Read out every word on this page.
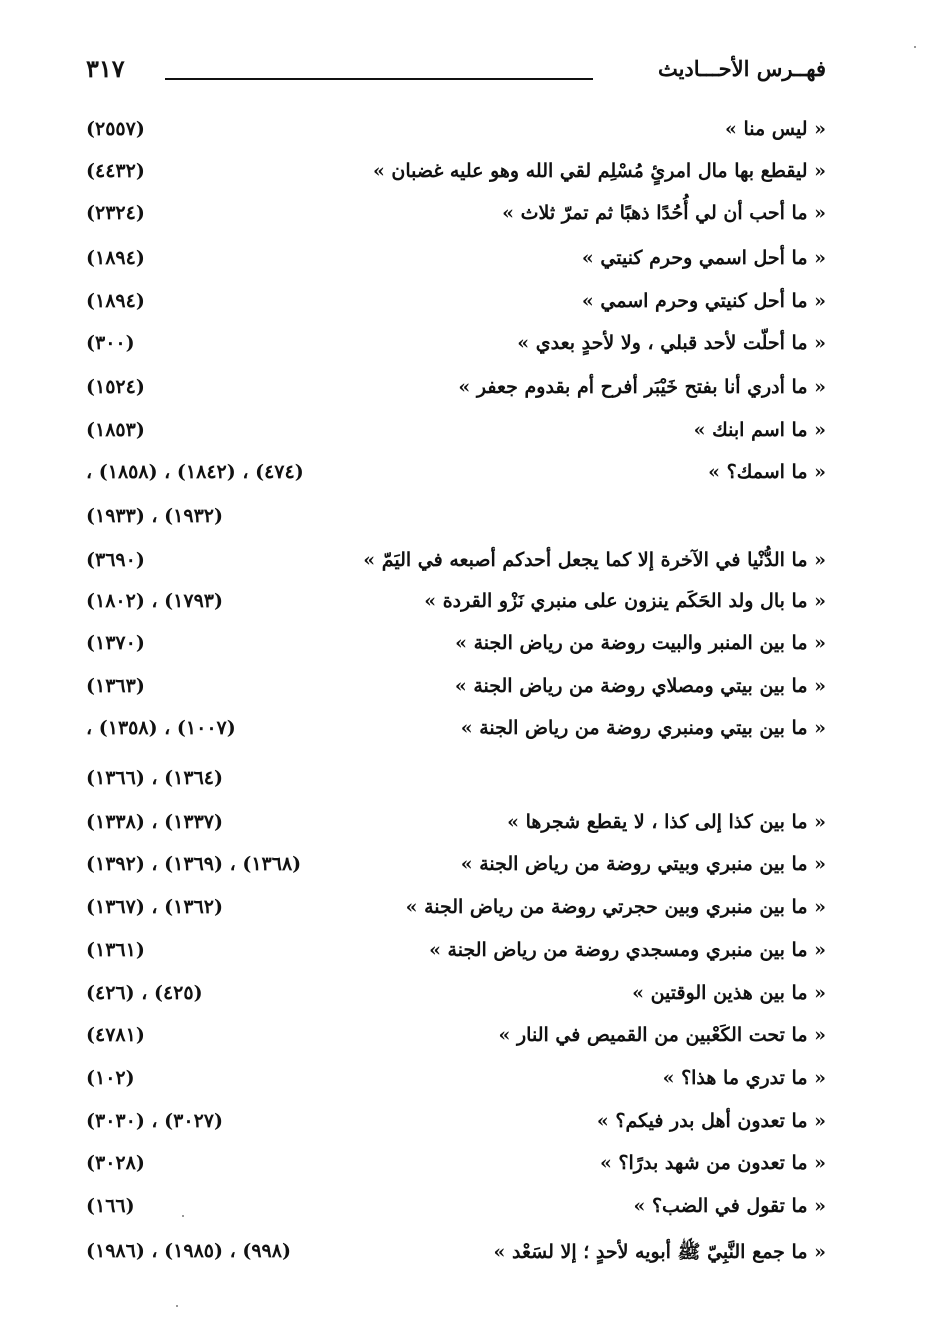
٣١٧	فهــرس الأحـــاديث
« ليس منا »
(٢٥٥٧)
« ليقطع بها مال امرئٍ مُسْلِم لقي الله وهو عليه غضبان »
(٤٤٣٢)
« ما أحب أن لي أُحُدًا ذهبًا ثم تمرّ ثلاث »
(٢٣٢٤)
« ما أحل اسمي وحرم كنيتي »
(١٨٩٤)
« ما أحل كنيتي وحرم اسمي »
(١٨٩٤)
« ما أحلّت لأحد قبلي ، ولا لأحدٍ بعدي »
(٣٠٠)
« ما أدري أنا بفتح خَيْبَر أفرح أم بقدوم جعفر »
(١٥٢٤)
« ما اسم ابنك »
(١٨٥٣)
« ما اسمك؟ »
(٤٧٤) ، (١٨٤٢) ، (١٨٥٨) ،
(١٩٣٢) ، (١٩٣٣)
« ما الدُّنْيا في الآخرة إلا كما يجعل أحدكم أصبعه في اليَمّ »
(٣٦٩٠)
« ما بال ولد الحَكَم ينزون على منبري نَزْو القردة »
(١٧٩٣) ، (١٨٠٢)
« ما بين المنبر والبيت روضة من رياض الجنة »
(١٣٧٠)
« ما بين بيتي ومصلاي روضة من رياض الجنة »
(١٣٦٣)
« ما بين بيتي ومنبري روضة من رياض الجنة »
(١٠٠٧) ، (١٣٥٨) ،
(١٣٦٤) ، (١٣٦٦)
« ما بين كذا إلى كذا ، لا يقطع شجرها »
(١٣٣٧) ، (١٣٣٨)
« ما بين منبري وبيتي روضة من رياض الجنة »
(١٣٦٨) ، (١٣٦٩) ، (١٣٩٢)
« ما بين منبري وبين حجرتي روضة من رياض الجنة »
(١٣٦٢) ، (١٣٦٧)
« ما بين منبري ومسجدي روضة من رياض الجنة »
(١٣٦١)
« ما بين هذين الوقتين »
(٤٢٥) ، (٤٢٦)
« ما تحت الكَعْبين من القميص في النار »
(٤٧٨١)
« ما تدري ما هذا؟ »
(١٠٢)
« ما تعدون أهل بدر فيكم؟ »
(٣٠٢٧) ، (٣٠٣٠)
« ما تعدون من شهد بدرًا؟ »
(٣٠٢٨)
« ما تقول في الضب؟ »
(١٦٦)
« ما جمع النَّبِيّ ﷺ أبويه لأحدٍ ؛ إلا لسَعْد »
(٩٩٨) ، (١٩٨٥) ، (١٩٨٦)
